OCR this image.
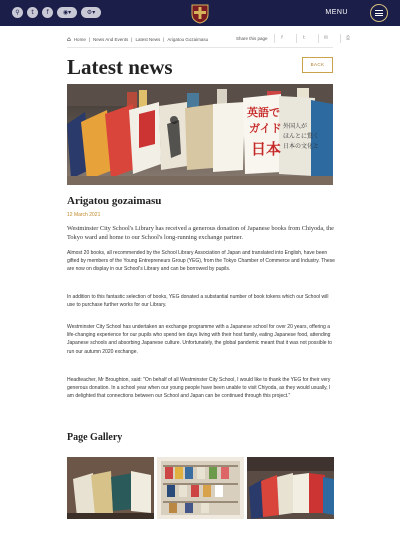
⚲	t	f	◉▾	⚙▾	MENU
⌂ Home | News And Events | Latest News | Arigatou Gozaimasu	Share this page	f	t	✉	⎙
Latest news	BACK
英語で
ガイド
日本
外国人が
ほんとに驚く
日本の文化と
Arigatou gozaimasu
12 March 2021

Westminster City School's Library has received a generous donation of Japanese books from Chiyoda, the Tokyo ward and home to our School's long-running exchange partner.

Almost 20 books, all recommended by the School Library Association of Japan and translated into English, have been gifted by members of the Young Entrepreneurs Group (YEG), from the Tokyo Chamber of Commerce and Industry. These are now on display in our School's Library and can be borrowed by pupils.

In addition to this fantastic selection of books, YEG donated a substantial number of book tokens which our School will use to purchase further works for our Library.

Westminster City School has undertaken an exchange programme with a Japanese school for over 20 years, offering a life-changing experience for our pupils who spend ten days living with their host family, eating Japanese food, attending Japanese schools and absorbing Japanese culture. Unfortunately, the global pandemic meant that it was not possible to run our autumn 2020 exchange.

Headteacher, Mr Broughton, said: "On behalf of all Westminster City School, I would like to thank the YEG for their very generous donation. In a school year when our young people have been unable to visit Chiyoda, as they would usually, I am delighted that connections between our School and Japan can be continued through this project."

Page Gallery
